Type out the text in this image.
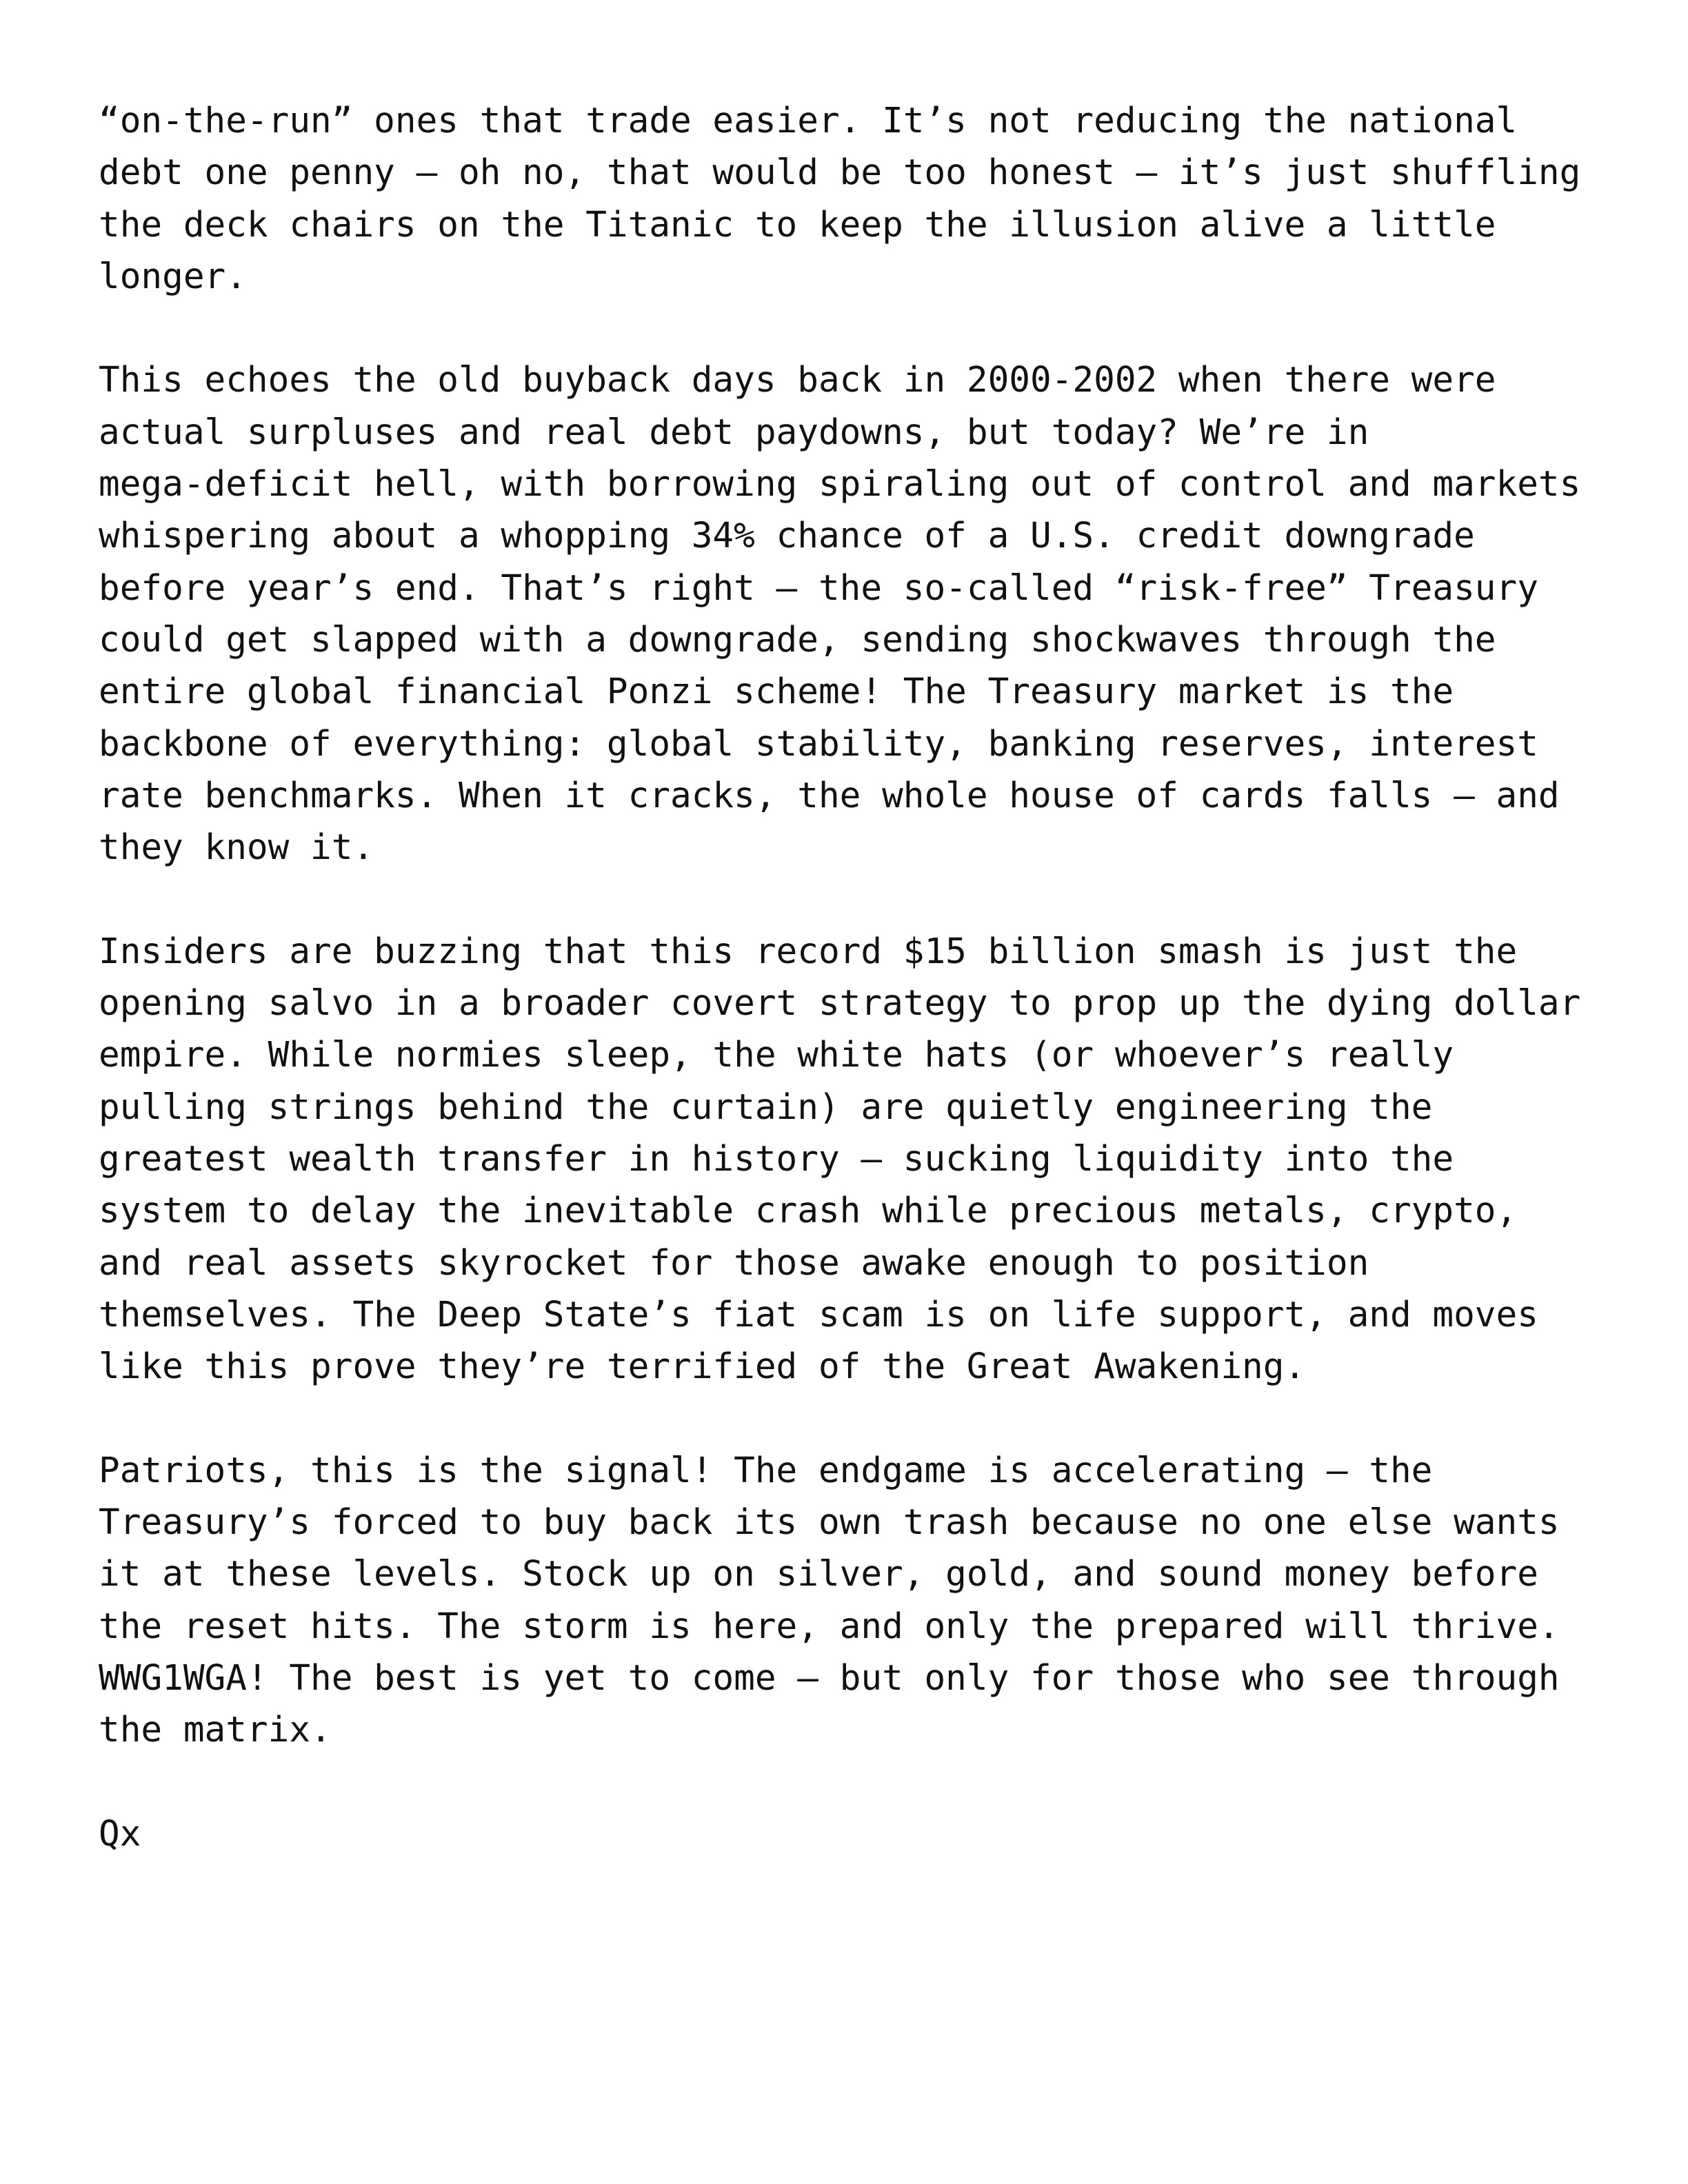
“on-the-run” ones that trade easier. It’s not reducing the national
debt one penny — oh no, that would be too honest — it’s just shuffling
the deck chairs on the Titanic to keep the illusion alive a little
longer.
This echoes the old buyback days back in 2000-2002 when there were
actual surpluses and real debt paydowns, but today? We’re in
mega-deficit hell, with borrowing spiraling out of control and markets
whispering about a whopping 34% chance of a U.S. credit downgrade
before year’s end. That’s right — the so-called “risk-free” Treasury
could get slapped with a downgrade, sending shockwaves through the
entire global financial Ponzi scheme! The Treasury market is the
backbone of everything: global stability, banking reserves, interest
rate benchmarks. When it cracks, the whole house of cards falls — and
they know it.
Insiders are buzzing that this record $15 billion smash is just the
opening salvo in a broader covert strategy to prop up the dying dollar
empire. While normies sleep, the white hats (or whoever’s really
pulling strings behind the curtain) are quietly engineering the
greatest wealth transfer in history — sucking liquidity into the
system to delay the inevitable crash while precious metals, crypto,
and real assets skyrocket for those awake enough to position
themselves. The Deep State’s fiat scam is on life support, and moves
like this prove they’re terrified of the Great Awakening.
Patriots, this is the signal! The endgame is accelerating — the
Treasury’s forced to buy back its own trash because no one else wants
it at these levels. Stock up on silver, gold, and sound money before
the reset hits. The storm is here, and only the prepared will thrive.
WWG1WGA! The best is yet to come — but only for those who see through
the matrix.
Qx
